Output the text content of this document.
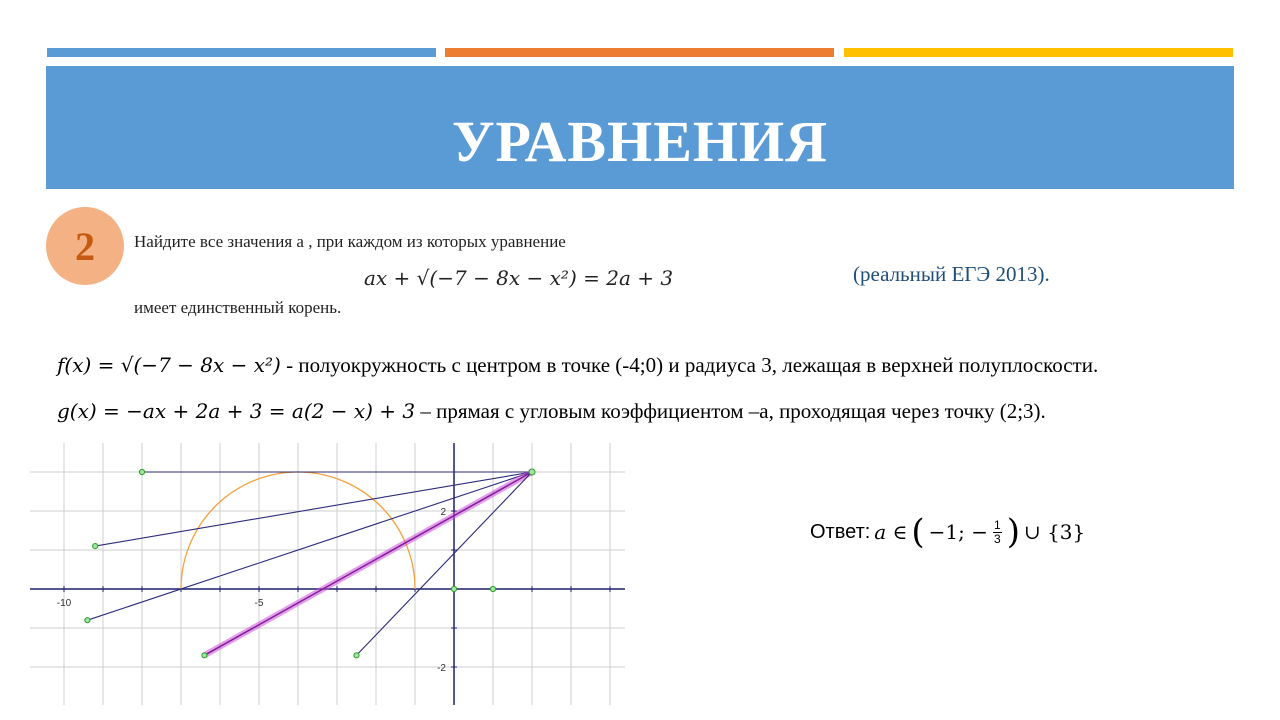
УРАВНЕНИЯ
2 Найдите все значения a , при каждом из которых уравнение
ax + √(−7 − 8x − x²) = 2a + 3
имеет единственный корень.
(реальный ЕГЭ 2013).
f(x) = √(−7 − 8x − x²) - полуокружность с центром в точке (-4;0) и радиуса 3, лежащая в верхней полуплоскости.
g(x) = −ax + 2a + 3 = a(2 − x) + 3 – прямая с угловым коэффициентом –a, проходящая через точку (2;3).
-10	-5
2
-2
Ответ: a ∈ ( −1; − $\frac{1}{3}$ ) ∪ {3}
